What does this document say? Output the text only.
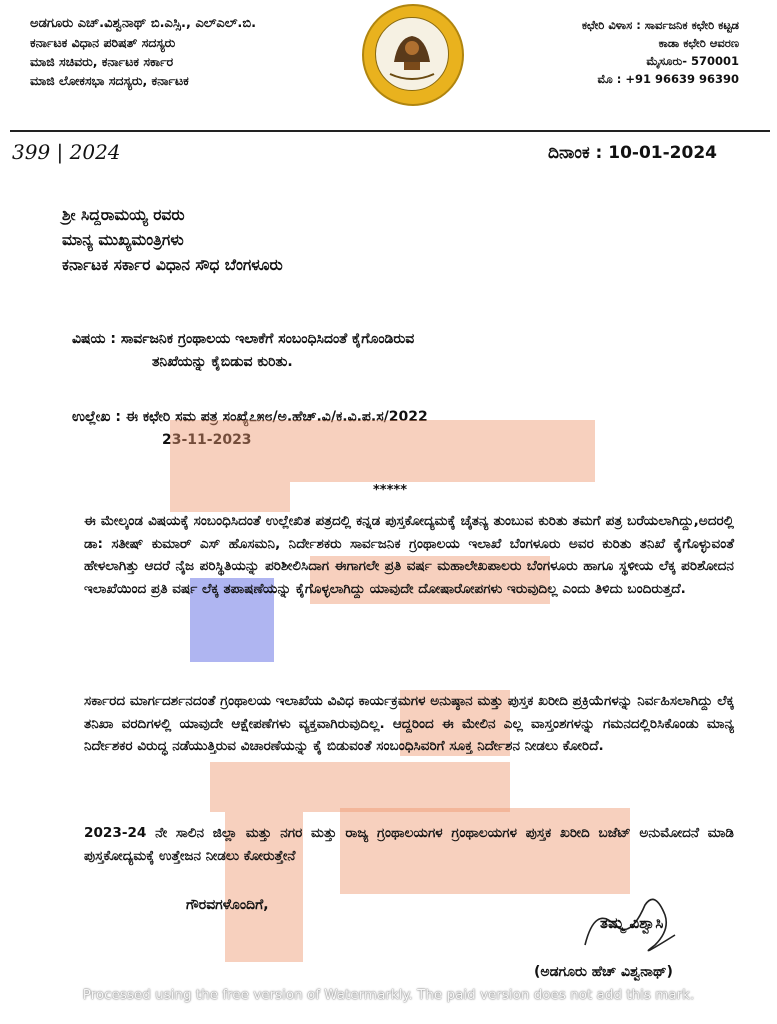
ಅಡಗೂರು ಎಚ್.ವಿಶ್ವನಾಥ್ ಬಿ.ಎಸ್ಸಿ., ಎಲ್ಎಲ್.ಬಿ.
ಕರ್ನಾಟಕ ವಿಧಾನ ಪರಿಷತ್ ಸದಸ್ಯರು
ಮಾಜಿ ಸಚಿವರು, ಕರ್ನಾಟಕ ಸರ್ಕಾರ
ಮಾಜಿ ಲೋಕಸಭಾ ಸದಸ್ಯರು, ಕರ್ನಾಟಕ
ಕಛೇರಿ ವಿಳಾಸ : ಸಾರ್ವಜನಿಕ ಕಛೇರಿ ಕಟ್ಟಡ
ಕಾಡಾ ಕಛೇರಿ ಆವರಣ
ಮೈಸೂರು- 570001
ಮೊ : +91 96639 96390
399 | 2024	ದಿನಾಂಕ : 10-01-2024
ಶ್ರೀ ಸಿದ್ದರಾಮಯ್ಯ ರವರು
ಮಾನ್ಯ ಮುಖ್ಯಮಂತ್ರಿಗಳು
ಕರ್ನಾಟಕ ಸರ್ಕಾರ ವಿಧಾನ ಸೌಧ ಬೆಂಗಳೂರು
ವಿಷಯ : ಸಾರ್ವಜನಿಕ ಗ್ರಂಥಾಲಯ ಇಲಾಕೆಗೆ ಸಂಬಂಧಿಸಿದಂತೆ ಕೈಗೊಂಡಿರುವ
ತನಿಖೆಯನ್ನು ಕೈಬಿಡುವ ಕುರಿತು.
ಉಲ್ಲೇಖ : ಈ ಕಛೇರಿ ಸಮ ಪತ್ರ ಸಂಖ್ಯೆ೭೫೮/ಅ.ಹೆಚ್.ವಿ/ಕ.ವಿ.ಪ.ಸ/2022
23-11-2023
*****
ಈ ಮೇಲ್ಕಂಡ ವಿಷಯಕ್ಕೆ ಸಂಬಂಧಿಸಿದಂತೆ ಉಲ್ಲೇಖಿತ ಪತ್ರದಲ್ಲಿ ಕನ್ನಡ ಪುಸ್ತಕೋದ್ಯಮಕ್ಕೆ ಚೈತನ್ಯ ತುಂಬುವ ಕುರಿತು ತಮಗೆ ಪತ್ರ ಬರೆಯಲಾಗಿದ್ದು,ಅದರಲ್ಲಿ ಡಾ: ಸತೀಷ್ ಕುಮಾರ್ ಎಸ್ ಹೊಸಮನಿ, ನಿರ್ದೇಶಕರು ಸಾರ್ವಜನಿಕ ಗ್ರಂಥಾಲಯ ಇಲಾಖೆ ಬೆಂಗಳೂರು ಅವರ ಕುರಿತು ತನಿಖೆ ಕೈಗೊಳ್ಳುವಂತೆ ಹೇಳಲಾಗಿತ್ತು ಆದರೆ ನೈಜ ಪರಿಸ್ಥಿತಿಯನ್ನು ಪರಿಶೀಲಿಸಿದಾಗ ಈಗಾಗಲೇ ಪ್ರತಿ ವರ್ಷ ಮಹಾಲೇಖಪಾಲರು ಬೆಂಗಳೂರು ಹಾಗೂ ಸ್ಥಳೀಯ ಲೆಕ್ಕ ಪರಿಶೋದನ ಇಲಾಖೆಯಿಂದ ಪ್ರತಿ ವರ್ಷ ಲೆಕ್ಕ ತಪಾಷಣೆಯನ್ನು ಕೈಗೊಳ್ಳಲಾಗಿದ್ದು ಯಾವುದೇ ದೋಷಾರೋಪಗಳು ಇರುವುದಿಲ್ಲ ಎಂದು ತಿಳಿದು ಬಂದಿರುತ್ತದೆ.
ಸರ್ಕಾರದ ಮಾರ್ಗದರ್ಶನದಂತೆ ಗ್ರಂಥಾಲಯ ಇಲಾಖೆಯ ವಿವಿಧ ಕಾರ್ಯಕ್ರಮಗಳ ಅನುಷ್ಠಾನ ಮತ್ತು ಪುಸ್ತಕ ಖರೀದಿ ಪ್ರಕ್ರಿಯೆಗಳನ್ನು ನಿರ್ವಹಿಸಲಾಗಿದ್ದು ಲೆಕ್ಕ ತನಿಖಾ ವರದಿಗಳಲ್ಲಿ ಯಾವುದೇ ಆಕ್ಷೇಪಣೆಗಳು ವ್ಯಕ್ತವಾಗಿರುವುದಿಲ್ಲ. ಆದ್ದರಿಂದ ಈ ಮೇಲಿನ ಎಲ್ಲ ವಾಸ್ತಂಶಗಳನ್ನು ಗಮನದಲ್ಲಿರಿಸಿಕೊಂಡು ಮಾನ್ಯ ನಿರ್ದೇಶಕರ ವಿರುದ್ಧ ನಡೆಯುತ್ತಿರುವ ವಿಚಾರಣೆಯನ್ನು ಕೈ ಬಿಡುವಂತೆ ಸಂಬಂಧಿಸಿವರಿಗೆ ಸೂಕ್ತ ನಿರ್ದೇಶನ ನೀಡಲು ಕೋರಿದೆ.
2023-24 ನೇ ಸಾಲಿನ ಜಿಲ್ಲಾ ಮತ್ತು ನಗರ ಮತ್ತು ರಾಜ್ಯ ಗ್ರಂಥಾಲಯಗಳ ಗ್ರಂಥಾಲಯಗಳ ಪುಸ್ತಕ ಖರೀದಿ ಬಜೆಟ್ ಅನುಮೋದನೆ ಮಾಡಿ ಪುಸ್ತಕೋದ್ಯಮಕ್ಕೆ ಉತ್ತೇಜನ ನೀಡಲು ಕೋರುತ್ತೇನೆ
ಗೌರವಗಳೊಂದಿಗೆ,
ತಮ್ಮ ವಿಶ್ವಾಸಿ
(ಅಡಗೂರು ಹೆಚ್ ವಿಶ್ವನಾಥ್)
Processed using the free version of Watermarkly. The paid version does not add this mark.
